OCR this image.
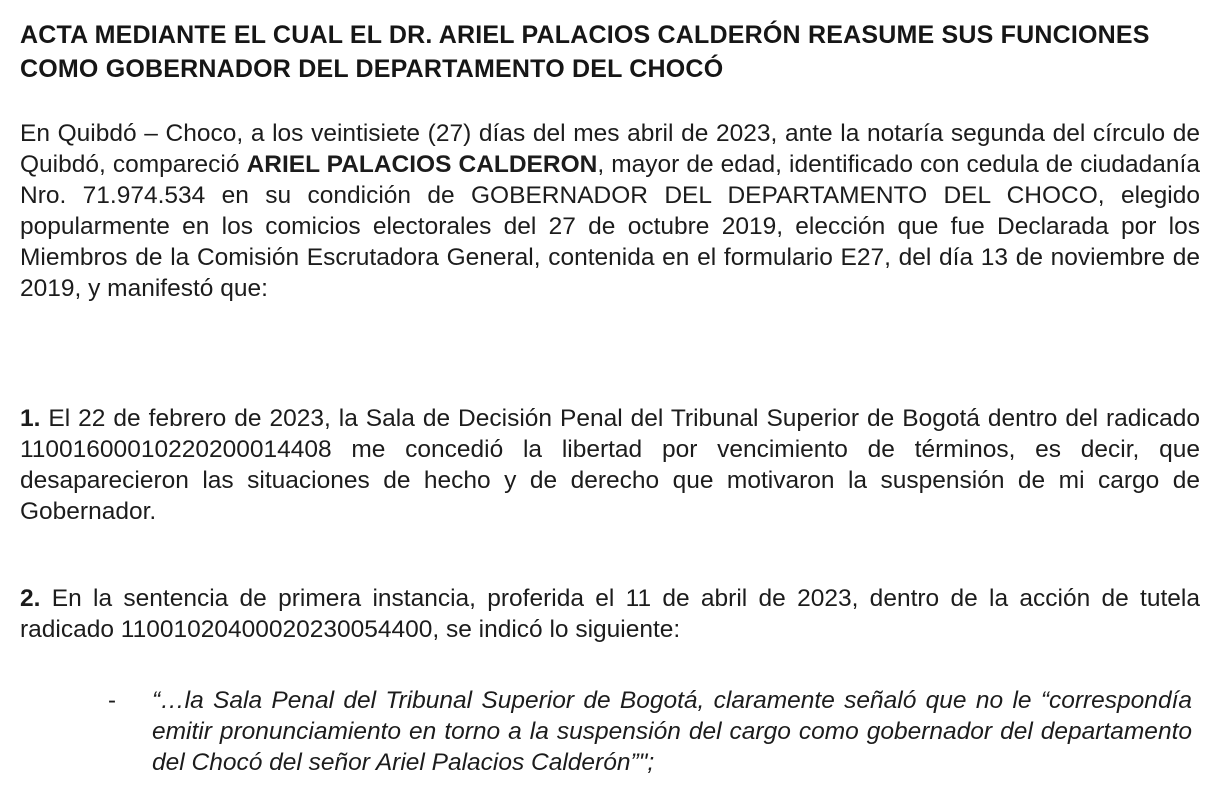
ACTA MEDIANTE EL CUAL EL DR. ARIEL PALACIOS CALDERÓN REASUME SUS FUNCIONES COMO GOBERNADOR DEL DEPARTAMENTO DEL CHOCÓ

En Quibdó – Choco, a los veintisiete (27) días del mes abril de 2023, ante la notaría segunda del círculo de Quibdó, compareció ARIEL PALACIOS CALDERON, mayor de edad, identificado con cedula de ciudadanía Nro. 71.974.534 en su condición de GOBERNADOR DEL DEPARTAMENTO DEL CHOCO, elegido popularmente en los comicios electorales del 27 de octubre 2019, elección que fue Declarada por los Miembros de la Comisión Escrutadora General, contenida en el formulario E27, del día 13 de noviembre de 2019, y manifestó que:

1. El 22 de febrero de 2023, la Sala de Decisión Penal del Tribunal Superior de Bogotá dentro del radicado 11001600010220200014408 me concedió la libertad por vencimiento de términos, es decir, que desaparecieron las situaciones de hecho y de derecho que motivaron la suspensión de mi cargo de Gobernador.

2. En la sentencia de primera instancia, proferida el 11 de abril de 2023, dentro de la acción de tutela radicado 11001020400020230054400, se indicó lo siguiente:

- “…la Sala Penal del Tribunal Superior de Bogotá, claramente señaló que no le “correspondía emitir pronunciamiento en torno a la suspensión del cargo como gobernador del departamento del Chocó del señor Ariel Palacios Calderón”";
